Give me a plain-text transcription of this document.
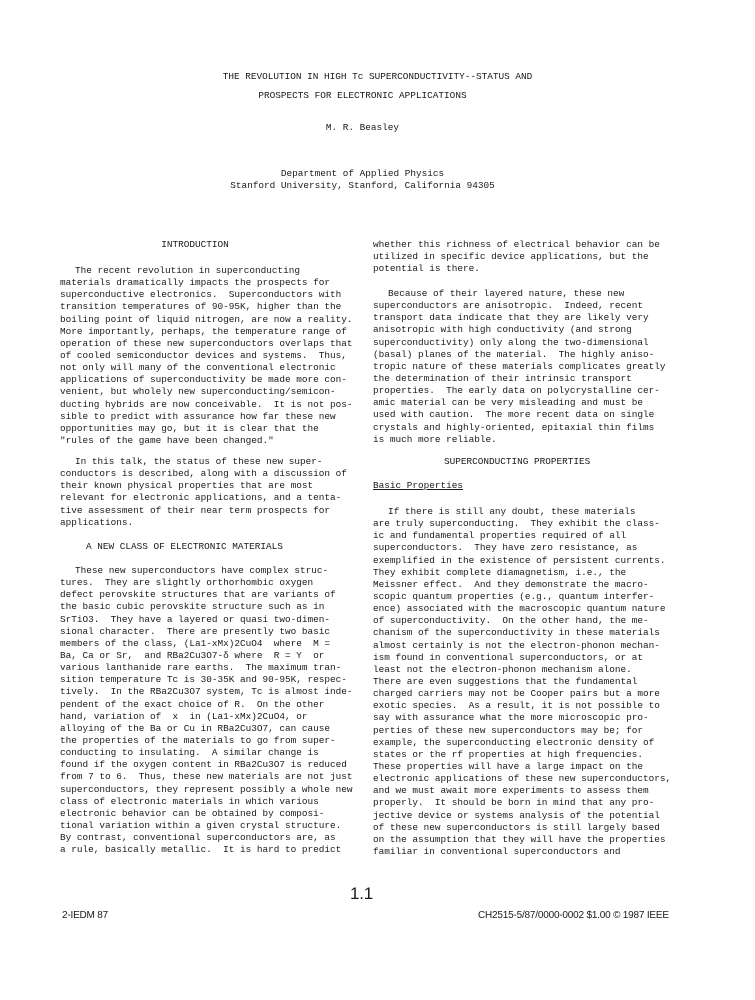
THE REVOLUTION IN HIGH Tc SUPERCONDUCTIVITY--STATUS AND
PROSPECTS FOR ELECTRONIC APPLICATIONS
M. R. Beasley
Department of Applied Physics
Stanford University, Stanford, California 94305
INTRODUCTION
The recent revolution in superconducting
materials dramatically impacts the prospects for
superconductive electronics.  Superconductors with
transition temperatures of 90-95K, higher than the
boiling point of liquid nitrogen, are now a reality.
More importantly, perhaps, the temperature range of
operation of these new superconductors overlaps that
of cooled semiconductor devices and systems.  Thus,
not only will many of the conventional electronic
applications of superconductivity be made more con-
venient, but wholely new superconducting/semicon-
ducting hybrids are now conceivable.  It is not pos-
sible to predict with assurance how far these new
opportunities may go, but it is clear that the
"rules of the game have been changed."
In this talk, the status of these new super-
conductors is described, along with a discussion of
their known physical properties that are most
relevant for electronic applications, and a tenta-
tive assessment of their near term prospects for
applications.
A NEW CLASS OF ELECTRONIC MATERIALS
These new superconductors have complex struc-
tures.  They are slightly orthorhombic oxygen
defect perovskite structures that are variants of
the basic cubic perovskite structure such as in
SrTiO3.  They have a layered or quasi two-dimen-
sional character.  There are presently two basic
members of the class, (La1-xMx)2CuO4  where  M =
Ba, Ca or Sr,  and RBa2Cu3O7-δ where  R = Y  or
various lanthanide rare earths.  The maximum tran-
sition temperature Tc is 30-35K and 90-95K, respec-
tively.  In the RBa2Cu3O7 system, Tc is almost inde-
pendent of the exact choice of R.  On the other
hand, variation of  x  in (La1-xMx)2CuO4, or
alloying of the Ba or Cu in RBa2Cu3O7, can cause
the properties of the materials to go from super-
conducting to insulating.  A similar change is
found if the oxygen content in RBa2Cu3O7 is reduced
from 7 to 6.  Thus, these new materials are not just
superconductors, they represent possibly a whole new
class of electronic materials in which various
electronic behavior can be obtained by composi-
tional variation within a given crystal structure.
By contrast, conventional superconductors are, as
a rule, basically metallic.  It is hard to predict
whether this richness of electrical behavior can be
utilized in specific device applications, but the
potential is there.
Because of their layered nature, these new
superconductors are anisotropic.  Indeed, recent
transport data indicate that they are likely very
anisotropic with high conductivity (and strong
superconductivity) only along the two-dimensional
(basal) planes of the material.  The highly aniso-
tropic nature of these materials complicates greatly
the determination of their intrinsic transport
properties.  The early data on polycrystalline cer-
amic material can be very misleading and must be
used with caution.  The more recent data on single
crystals and highly-oriented, epitaxial thin films
is much more reliable.
SUPERCONDUCTING PROPERTIES
Basic Properties
If there is still any doubt, these materials
are truly superconducting.  They exhibit the class-
ic and fundamental properties required of all
superconductors.  They have zero resistance, as
exemplified in the existence of persistent currents.
They exhibit complete diamagnetism, i.e., the
Meissner effect.  And they demonstrate the macro-
scopic quantum properties (e.g., quantum interfer-
ence) associated with the macroscopic quantum nature
of superconductivity.  On the other hand, the me-
chanism of the superconductivity in these materials
almost certainly is not the electron-phonon mechan-
ism found in conventional superconductors, or at
least not the electron-phonon mechanism alone.
There are even suggestions that the fundamental
charged carriers may not be Cooper pairs but a more
exotic species.  As a result, it is not possible to
say with assurance what the more microscopic pro-
perties of these new superconductors may be; for
example, the superconducting electronic density of
states or the rf properties at high frequencies.
These properties will have a large impact on the
electronic applications of these new superconductors,
and we must await more experiments to assess them
properly.  It should be born in mind that any pro-
jective device or systems analysis of the potential
of these new superconductors is still largely based
on the assumption that they will have the properties
familiar in conventional superconductors and
1.1
2-IEDM 87	CH2515-5/87/0000-0002 $1.00 © 1987 IEEE
